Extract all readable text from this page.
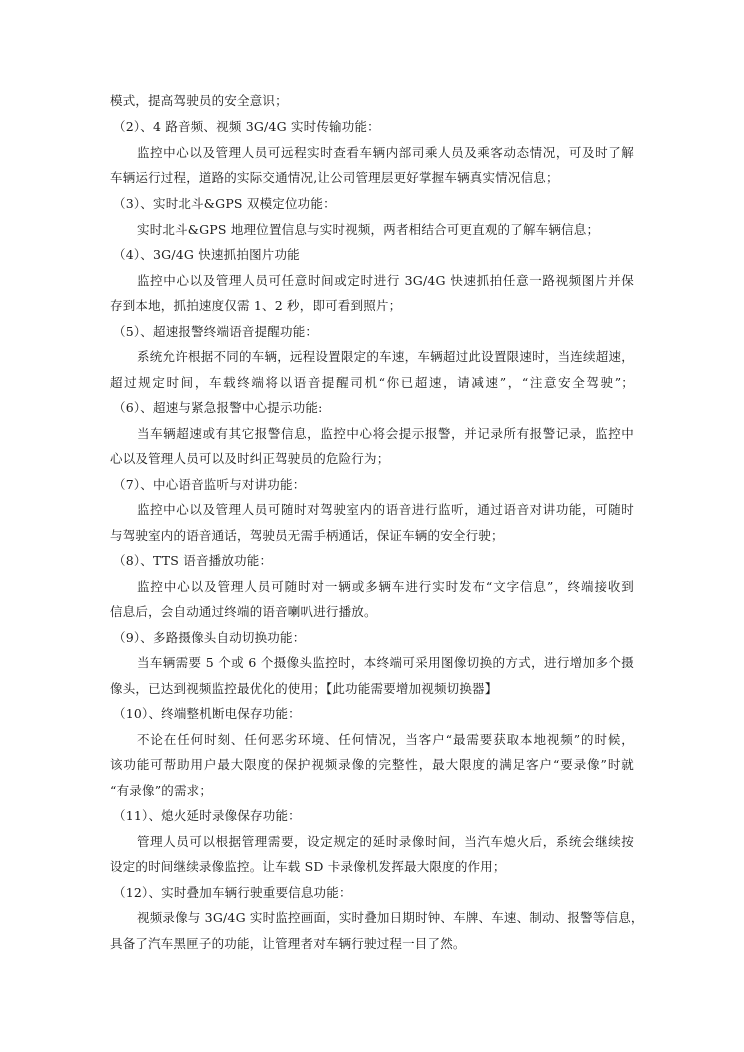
模式，提高驾驶员的安全意识；
（2）、4 路音频、视频 3G/4G 实时传输功能：
监控中心以及管理人员可远程实时查看车辆内部司乘人员及乘客动态情况，可及时了解
车辆运行过程，道路的实际交通情况,让公司管理层更好掌握车辆真实情况信息；
（3）、实时北斗&GPS 双模定位功能：
实时北斗&GPS 地理位置信息与实时视频，两者相结合可更直观的了解车辆信息；
（4）、3G/4G 快速抓拍图片功能
监控中心以及管理人员可任意时间或定时进行 3G/4G 快速抓拍任意一路视频图片并保
存到本地，抓拍速度仅需 1、2 秒，即可看到照片；
（5）、超速报警终端语音提醒功能：
系统允许根据不同的车辆，远程设置限定的车速，车辆超过此设置限速时，当连续超速，
超过规定时间，车载终端将以语音提醒司机“你已超速，请减速”，“注意安全驾驶”；
（6）、超速与紧急报警中心提示功能:
当车辆超速或有其它报警信息，监控中心将会提示报警，并记录所有报警记录，监控中
心以及管理人员可以及时纠正驾驶员的危险行为；
（7）、中心语音监听与对讲功能：
监控中心以及管理人员可随时对驾驶室内的语音进行监听，通过语音对讲功能，可随时
与驾驶室内的语音通话，驾驶员无需手柄通话，保证车辆的安全行驶；
（8）、TTS 语音播放功能：
监控中心以及管理人员可随时对一辆或多辆车进行实时发布“文字信息”，终端接收到
信息后，会自动通过终端的语音喇叭进行播放。
（9）、多路摄像头自动切换功能：
当车辆需要 5 个或 6 个摄像头监控时，本终端可采用图像切换的方式，进行增加多个摄
像头，已达到视频监控最优化的使用；【此功能需要增加视频切换器】
（10）、终端整机断电保存功能：
不论在任何时刻、任何恶劣环境、任何情况，当客户“最需要获取本地视频”的时候，
该功能可帮助用户最大限度的保护视频录像的完整性，最大限度的满足客户“要录像”时就
“有录像”的需求；
（11）、熄火延时录像保存功能：
管理人员可以根据管理需要，设定规定的延时录像时间，当汽车熄火后，系统会继续按
设定的时间继续录像监控。让车载 SD 卡录像机发挥最大限度的作用；
（12）、实时叠加车辆行驶重要信息功能：
视频录像与 3G/4G 实时监控画面，实时叠加日期时钟、车牌、车速、制动、报警等信息，
具备了汽车黑匣子的功能，让管理者对车辆行驶过程一目了然。
